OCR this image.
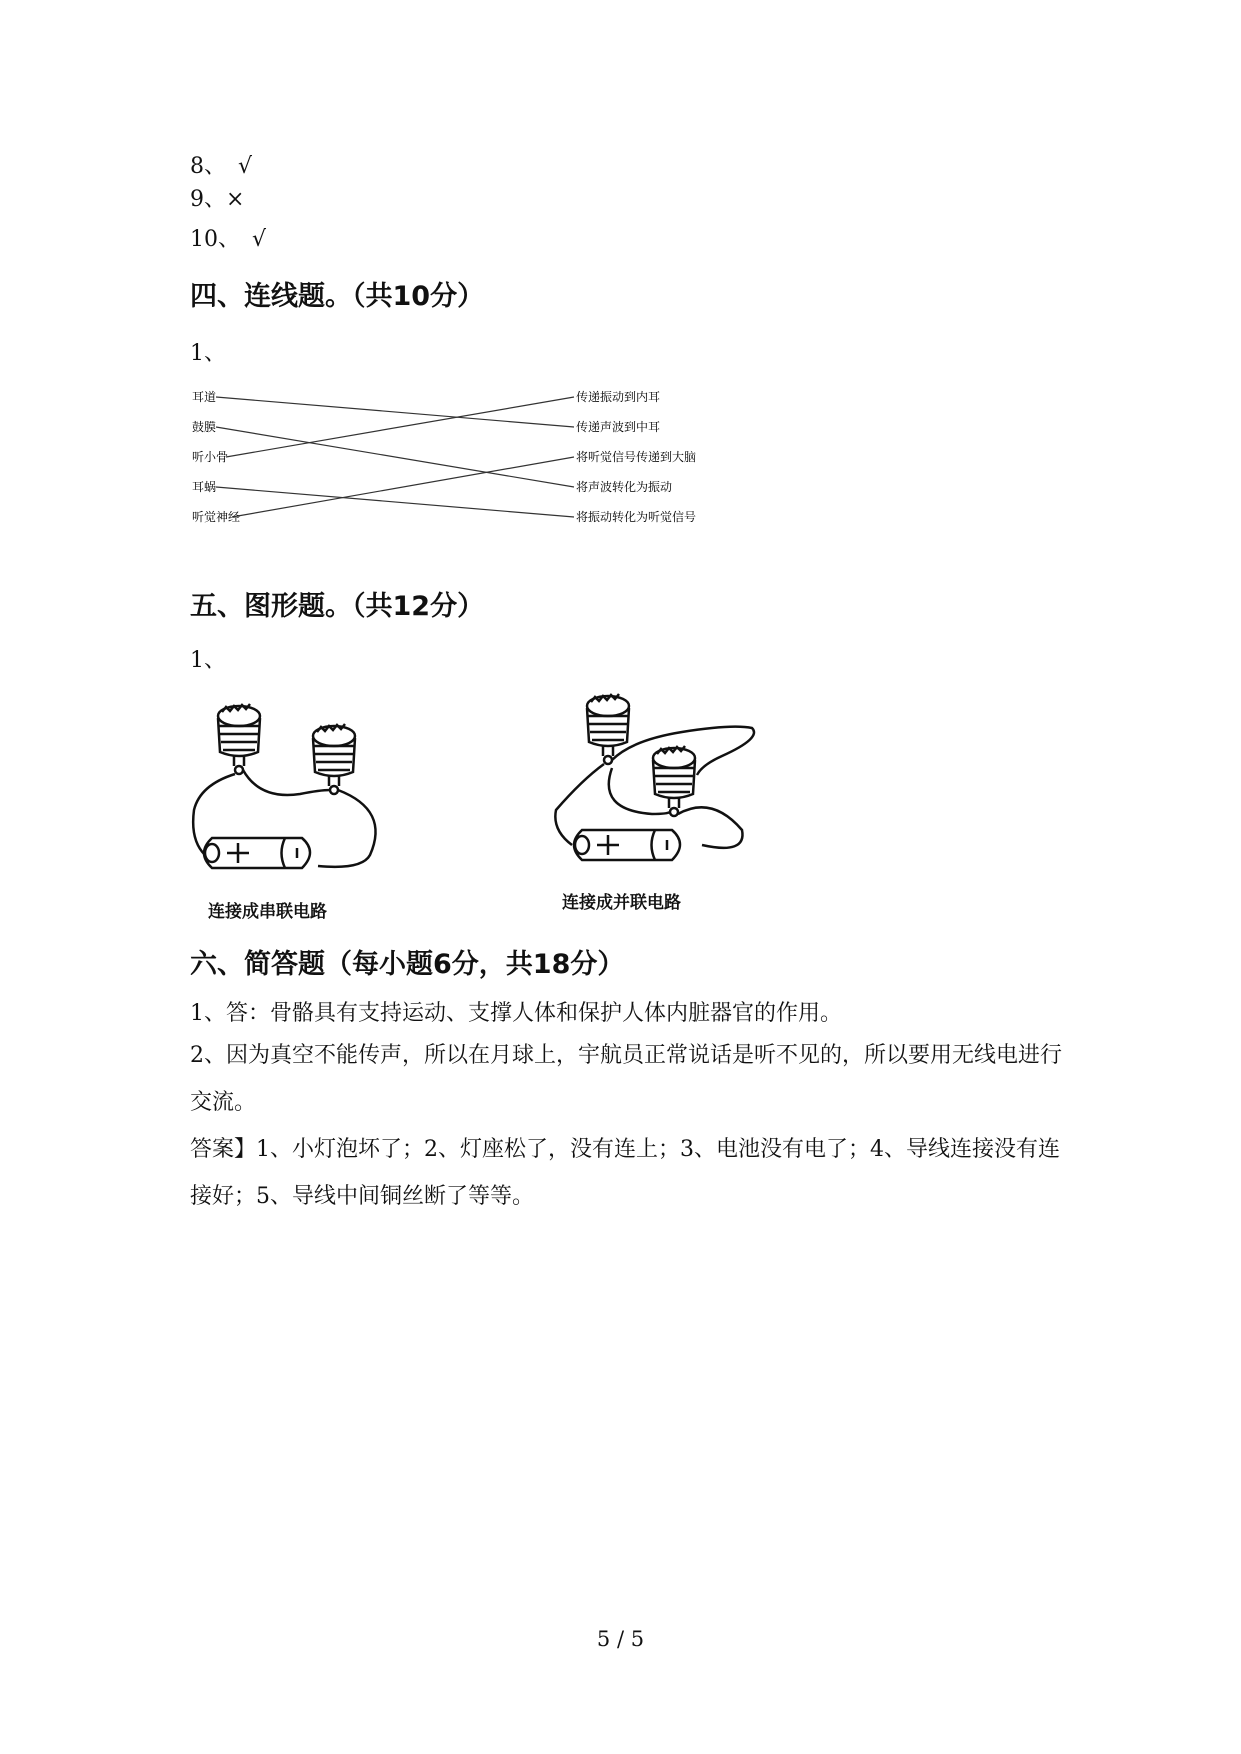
8、 √
9、×
10、 √
四、连线题。（共10分）
1、
耳道
鼓膜
听小骨
耳蜗
听觉神经
传递振动到内耳
传递声波到中耳
将听觉信号传递到大脑
将声波转化为振动
将振动转化为听觉信号
五、图形题。（共12分）
1、
连接成串联电路	连接成并联电路
六、简答题（每小题6分，共18分）
1、答：骨骼具有支持运动、支撑人体和保护人体内脏器官的作用。
2、因为真空不能传声，所以在月球上，宇航员正常说话是听不见的，所以要用无线电进行交流。
答案】1、小灯泡坏了；2、灯座松了，没有连上；3、电池没有电了；4、导线连接没有连接好；5、导线中间铜丝断了等等。
5 / 5
